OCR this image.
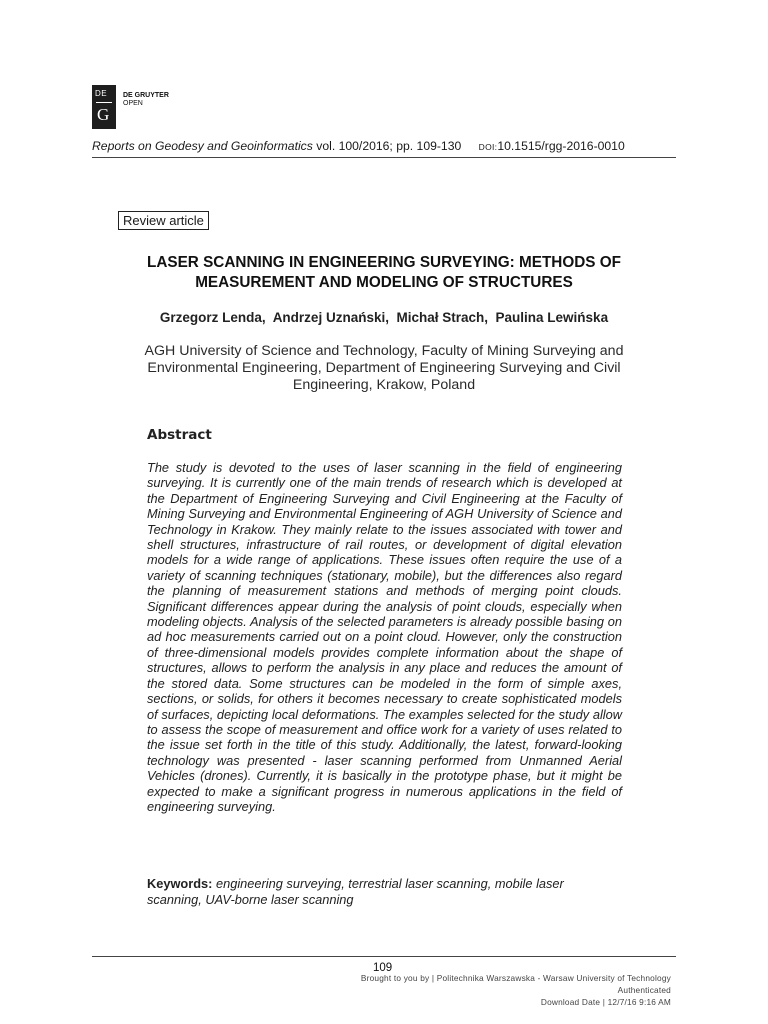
DE
G
DE GRUYTER
OPEN
Reports on Geodesy and Geoinformatics vol. 100/2016; pp. 109-130 DOI:10.1515/rgg-2016-0010
Review article
LASER SCANNING IN ENGINEERING SURVEYING: METHODS OF
MEASUREMENT AND MODELING OF STRUCTURES
Grzegorz Lenda, Andrzej Uznański, Michał Strach, Paulina Lewińska
AGH University of Science and Technology, Faculty of Mining Surveying and Environmental Engineering, Department of Engineering Surveying and Civil Engineering, Krakow, Poland
Abstract
The study is devoted to the uses of laser scanning in the field of engineering surveying. It is currently one of the main trends of research which is developed at the Department of Engineering Surveying and Civil Engineering at the Faculty of Mining Surveying and Environmental Engineering of AGH University of Science and Technology in Krakow. They mainly relate to the issues associated with tower and shell structures, infrastructure of rail routes, or development of digital elevation models for a wide range of applications. These issues often require the use of a variety of scanning techniques (stationary, mobile), but the differences also regard the planning of measurement stations and methods of merging point clouds. Significant differences appear during the analysis of point clouds, especially when modeling objects. Analysis of the selected parameters is already possible basing on ad hoc measurements carried out on a point cloud. However, only the construction of three-dimensional models provides complete information about the shape of structures, allows to perform the analysis in any place and reduces the amount of the stored data. Some structures can be modeled in the form of simple axes, sections, or solids, for others it becomes necessary to create sophisticated models of surfaces, depicting local deformations. The examples selected for the study allow to assess the scope of measurement and office work for a variety of uses related to the issue set forth in the title of this study. Additionally, the latest, forward-looking technology was presented - laser scanning performed from Unmanned Aerial Vehicles (drones). Currently, it is basically in the prototype phase, but it might be expected to make a significant progress in numerous applications in the field of engineering surveying.
Keywords: engineering surveying, terrestrial laser scanning, mobile laser scanning, UAV-borne laser scanning
109
Brought to you by | Politechnika Warszawska - Warsaw University of Technology
Authenticated
Download Date | 12/7/16 9:16 AM
